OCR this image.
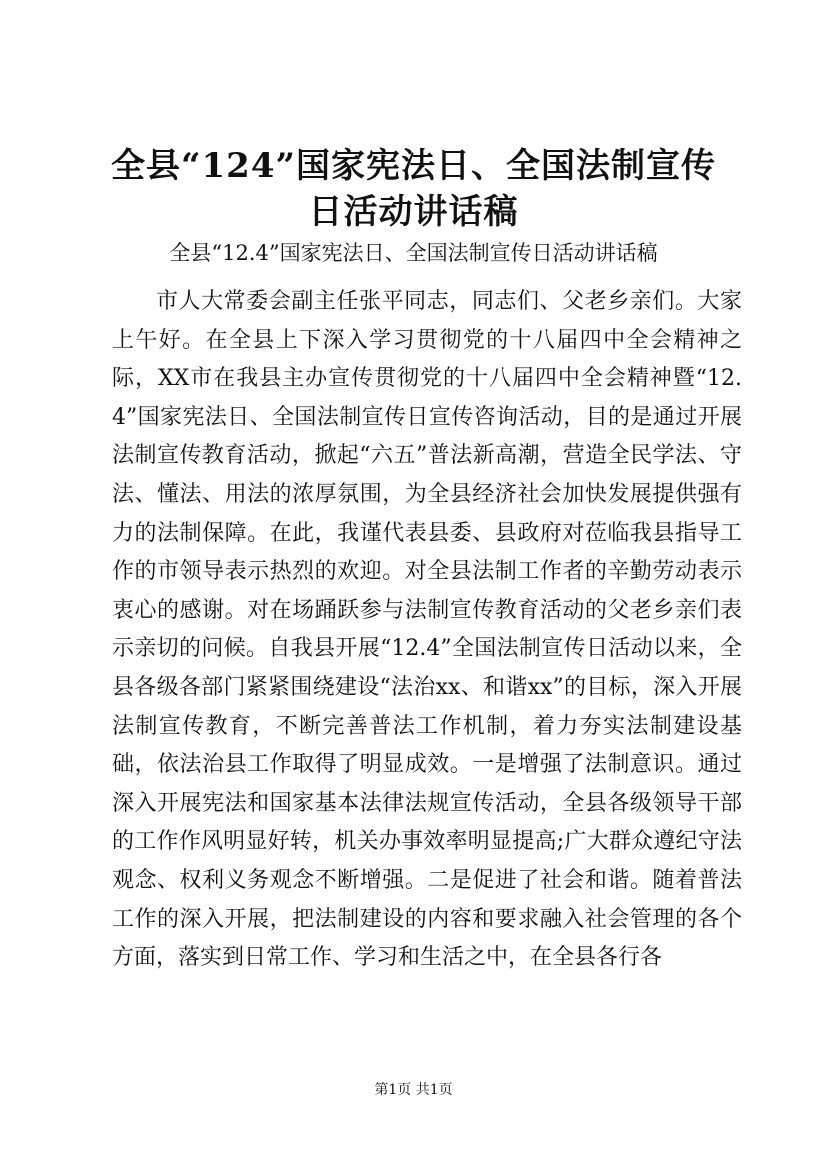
全县“124”国家宪法日、全国法制宣传日活动讲话稿

全县“12.4”国家宪法日、全国法制宣传日活动讲话稿

市人大常委会副主任张平同志，同志们、父老乡亲们。大家上午好。在全县上下深入学习贯彻党的十八届四中全会精神之际，XX市在我县主办宣传贯彻党的十八届四中全会精神暨“12.4”国家宪法日、全国法制宣传日宣传咨询活动，目的是通过开展法制宣传教育活动，掀起“六五”普法新高潮，营造全民学法、守法、懂法、用法的浓厚氛围，为全县经济社会加快发展提供强有力的法制保障。在此，我谨代表县委、县政府对莅临我县指导工作的市领导表示热烈的欢迎。对全县法制工作者的辛勤劳动表示衷心的感谢。对在场踊跃参与法制宣传教育活动的父老乡亲们表示亲切的问候。自我县开展“12.4”全国法制宣传日活动以来，全县各级各部门紧紧围绕建设“法治xx、和谐xx”的目标，深入开展法制宣传教育，不断完善普法工作机制，着力夯实法制建设基础，依法治县工作取得了明显成效。一是增强了法制意识。通过深入开展宪法和国家基本法律法规宣传活动，全县各级领导干部的工作作风明显好转，机关办事效率明显提高;广大群众遵纪守法观念、权利义务观念不断增强。二是促进了社会和谐。随着普法工作的深入开展，把法制建设的内容和要求融入社会管理的各个方面，落实到日常工作、学习和生活之中，在全县各行各

第1页 共1页
